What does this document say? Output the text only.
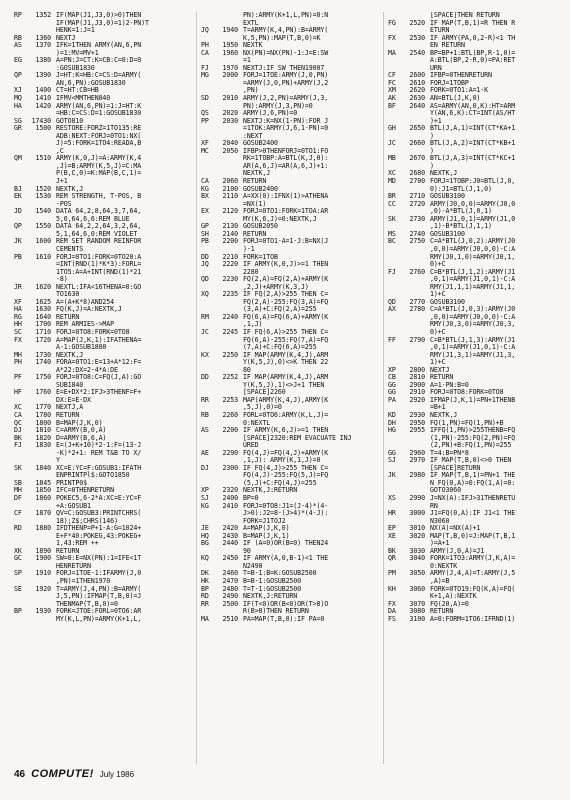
RP	1352 IF(MAP(J1,J3,0)>0)THEN
IF(MAP(J1,J3,0)=1)2-PN)T
HENK=1:J=1
RB	1360 NEXTJ
AS	1370 IFK=1THEN ARMY(AN,6,PN
)=1:MV=MV+1
EG	1380 A=PN:J=CT:K=CB:C=0:D=0
:GOSUB1830
QP	1390 J=HT:K=HB:C=CS:D=ARMY(
AN,6,PN):GOSUB1830
XJ	1400 CT=HT:CB=HB
MQ	1410 IFMV<MMTHEN840
HA	1420 ARMY(AN,6,PN)=1:J=HT:K
=HB:C=CS:D=1:GOSUB1830
SG	17430 GOTO810
GR	1500 RESTORE:FORZ=1TO135:RE
ADB:NEXT:FORJ=0TO1:NX(
J)=5:FORK=1TO4:READA,B
,C
QM	1510 ARMY(K,0,J)=A:ARMY(K,4
,J)=B:ARMY(K,5,J)=C:MA
P(B,C,0)=K:MAP(B,C,1)=
J+1
BJ	1520 NEXTK,J
EK	1530 REM STRENGTH, T-POS, B
-POS
JD	1540 DATA 64,2,8,64,3,7,64,
5,6,64,6,6:REM BLUE
QP	1550 DATA 64,2,2,64,3,2,64,
5,1,64,6,0:REM VIOLET
JK	1600 REM SET RANDOM REINFOR
CEMENTS
PB	1610 FORJ=0TO1:FORK=0TO20:A
=INT(RND(1)*K*3):FORL=
1TO5:A=A+INT(RND(1)*21
-8)
JR	1620 NEXTL:IFA<16THENA=0:GO
TO1630
XF	1625 A=(A+K*8)AND254
HA	1630 FQ(K,J)=A:NEXTK,J
RG	1640 RETURN
HH	1700 REM ARMIES->MAP
SC	1710 FORJ=0TO8:FORK=0TO8
FX	1720 A=MAP(J,K,1):IFATHENA=
A-1:GOSUB1800
MH	1730 NEXTK,J
PH	1740 FORA=0TO1:E=13+A*12:F=
A*22:DX=2-4*A:DE
PF	1750 FORJ=0TO8:C=FQ(J,A):GO
SUB1840
HF	1760 E=E+DX*2:IFJ>3THENF=F+
DX:E=E-DX
XC	1770 NEXTJ,A
CA	1780 RETURN
QC	1800 B=MAP(J,K,0)
DJ	1810 C=ARMY(B,0,A)
BK	1820 D=ARMY(B,6,A)
FJ	1830 E=(J+K+10)*2-1:F=(13-J
-K)*2+1: REM T&B TO X/
Y
SK	1840 XC=E:YC=F:GOSUB1:IFATH
ENPRINTPl$:GOTO1850
SB	1845 PRINTP0$
MH	1850 IFC=0THENRETURN
DF	1860 POKEC5,6-2*A:XC=E:YC=F
+A:GOSUB1
CF	1870 QV=C:GOSUB3:PRINTCHRS(
18);Z$;CHRS(146)
RD	1880 IFDTHENP=P+1-A:G=1024+
E+F*40:POKEG,43:POKEG+
1,43:REM ++
XK	1890 RETURN
GC	1900 SW=0:E=NX(PN):1=IFE<1T
HENRETURN
SP	1910 FORJ=1TOE-1:IFARMY(J,0
,PN)=1THEN1970
SE	1920 T=ARMY(J,4,PN):B=ARMY(
J,5,PN):IFMAP(T,B,0)=J
THENMAP(T,B,0)=0
BP	1930 FORK=JTOE:FORL=0TO6:AR
MY(K,L,PN)=ARMY(K+1,L,
PN):ARMY(K+1,L,PN)=0:N
EXTL
JQ	1940 T=ARMY(K,4,PN):B=ARMY(
K,5,PN):MAP(T,B,0)=K
PH	1950 NEXTK
CA	1960 NX(PN)=NX(PN)-1:J=E:SW
=1
FJ	1970 NEXTJ:IF SW THEN19007
MG	2000 FORJ=1TOE:ARMY(J,0,PN)
=ARMY(J,0,PN)+ARMY(J,2
,PN)
SD	2010 ARMY(J,2,PN)=ARMY(J,3,
PN):ARMY(J,3,PN)=0
QS	2020 ARMY(J,6,PN)=0
PP	2030 NEXTJ:K=NX(1-PN):FOR J
=1TOK:ARMY(J,6,1-PN)=0
:NEXT
XF	2040 GOSUB2400
MC	2050 IFBP>0THENFORJ=0TO1:FO
RK=1TOBP:A=BTL(K,J,0):
AR(A,6,J)=AR(A,6,J)+1:
NEXTK,J
CA	2060 RETURN
KG	2100 GOSUB2400
BX	2110 A=XX(0):IFNX(1)>ATHENA
=NX(1)
EX	2120 FORJ=0TO1:FORK=1TOA:AR
MY(K,6,J)=0:NEXTK,J
GP	2130 GOSUB2050
SH	2140 RETURN
PB	2200 FORJ=0TO1-A=1-J:B=NX(J
)-1
DD	2210 FORK=1TOB
JQ	2220 IF ARMY(K,0,J)>=1 THEN
2280
QD	2230 FQ(2,A)=FQ(2,A)+ARMY(K
,2,J)+ARMY(K,3,J)
XQ	2235 IF FQ(2,A)>255 THEN C=
FQ(2,A)-255:FQ(3,A)=FQ
(3,A)+C:FQ(2,A)=255
RM	2240 FQ(6,A)=FQ(6,A)+ARMY(K
,1,J)
JC	2245 IF FQ(6,A)>255 THEN C=
FQ(6,A)-255:FQ(7,A)=FQ
(7,A)+C:FQ(6,A)=255
KX	2250 IF MAP(ARMY(K,4,J),ARM
Y(K,5,J),0)<>K THEN 22
80
DD	2252 IF MAP(ARMY(K,4,J),ARM
Y(K,5,J),1)<>J+1 THEN
[SPACE]2260
RR	2253 MAP(ARMY(K,4,J),ARMY(K
,5,J),0)=0
RB	2260 FORL=0TO6:ARMY(K,L,J)=
0:NEXTL
AS	2200 IF ARMY(K,6,J)>=1 THEN
[SPACE]2320:REM EVACUATE INJ
URED
AE	2290 FQ(4,J)=FQ(4,J)+ARMY(K
,1,J): ARMY(K,1,J)=0
DJ	2300 IF FQ(4,J)>255 THEN C=
FQ(4,J)-255:FQ(5,J)=FQ
(5,J)+C:FQ(4,J)=255
XP	2320 NEXTK,J:RETURN
SJ	2400 BP=0
KG	2410 FORJ=0TO8:J1=(J-4)*(4-
J>0):J2=8-(J>4)*(4-J):
FORK=J1TOJ2
JE	2420 A=MAP(J,K,0)
HQ	2430 B=MAP(J,K,1)
BG	2440 IF (A=0)OR(B=0) THEN24
90
KQ	2450 IF ARMY(A,0,B-1)<1 THE
N2490
DK	2460 T=B-1:B=K:GOSUB2500
HK	2470 B=B-1:GOSUB2500
BP	2480 T=T-1:GOSUB2500
RD	2490 NEXTK,J:RETURN
RR	2500 IF(T<0)OR(B<0)OR(T>8)O
R(B>8)THEN RETURN
MA	2510 PA=MAP(T,B,0):IF PA=0
[SPACE]THEN RETURN
FG	2520 IF MAP(T,B,1)=R THEN R
ETURN
FX	2530 IF ARMY(PA,0,2-R)<1 TH
EN RETURN
MA	2540 BP=BP+1:BTL(BP,R-1,0)=
A:BTL(BP,2-R,0)=PA:RET
URN
CF	2600 IFBP=0THENRETURN
FC	2610 FORJ=1TOBP
XM	2620 FORK=0TO1:A=1-K
AK	2630 AN=BTL(J,K,0)
BF	2640 AS=ARMY(AN,0,K):HT=ARM
Y(AN,6,K):CT=INT(AS/HT
)+1
GH	2650 BTL(J,A,1)=INT(CT*KA+1
)
JC	2660 BTL(J,A,2)=INT(CT*KB+1
)
MB	2670 BTL(J,A,3)=INT(CT*KC+1
)
XC	2680 NEXTK,J
MD	2700 FORJ=1TOBP:J0=BTL(J,0,
0):J1=BTL(J,1,0)
BR	2710 GOSUB3100
CC	2720 ARMY(J0,0,0)=ARMY(J0,0
,0)-A*BTL(J,0,1)
SK	2730 ARMY(J1,0,1)=ARMY(J1,0
,1)-B*BTL(J,1,1)
MS	2740 GOSUB3100
BC	2750 C=A*BTL(J,0,2):ARMY(J0
,0,0)=ARMY(J0,0,0)-C:A
RMY(J0,1,0)=ARMY(J0,1,
0)+C
FJ	2760 C=B*BTL(J,1,2):ARMY(J1
,0,1)=ARMY(J1,0,1)-C:A
RMY(J1,1,1)=ARMY(J1,1,
1)+C
QD	2770 GOSUB3100
AX	2780 C=A*BTL(J,0,3):ARMY(J0
,0,0)=ARMY(J0,0,0)-C:A
RMY(J0,3,0)=ARMY(J0,3,
0)+C
FF	2790 C=B*BTL(J,1,3):ARMY(J1
,0,1)=ARMY(J1,0,1)-C:A
RMY(J1,3,1)=ARMY(J1,3,
1)+C
XP	2800 NEXTJ
CB	2810 RETURN
GG	2900 A=1-PN:B=0
GG	2910 FORJ=0TO8:FORK=0TO8
PA	2920 IFMAP(J,K,1)=PN+1THENB
=B+1
KD	2930 NEXTK,J
DH	2950 FQ(1,PN)=FQ(1,PN)+B
HG	2955 IFFQ(1,PN)>255THENB=FQ
(1,PN)-255:FQ(2,PN)=FQ
(2,PN)+B:FQ(1,PN)=255
GG	2960 T=4:B=PN*8
SJ	2970 IF MAP(T,B,0)<>0 THEN
[SPACE]RETURN
JK	2980 IF MAP(T,B,1)=PN+1 THE
N FQ(0,A)=0:FQ(1,A)=0:
GOTO3060
XS	2990 J=NX(A):IFJ>31THENRETU
RN
HR	3000 J1=FQ(0,A):IF J1<1 THE
N3060
EP	3010 NX(A)=NX(A)+1
XE	3020 MAP(T,B,0)=J:MAP(T,B,1
)=A+1
BK	3030 ARMY(J,0,A)=J1
QR	3040 FORK=1TO3:ARMY(J,K,A)=
0:NEXTK
PM	3050 ARMY(J,4,A)=T:ARMY(J,5
,A)=B
KH	3060 FORK=0TO19:FQ(K,A)=FQ(
K+1,A):NEXTK
FX	3070 FQ(20,A)=0
DA	3080 RETURN
FS	3100 A=0:FORM=1TO6:IFRND(1)
46 COMPUTE! July 1986
